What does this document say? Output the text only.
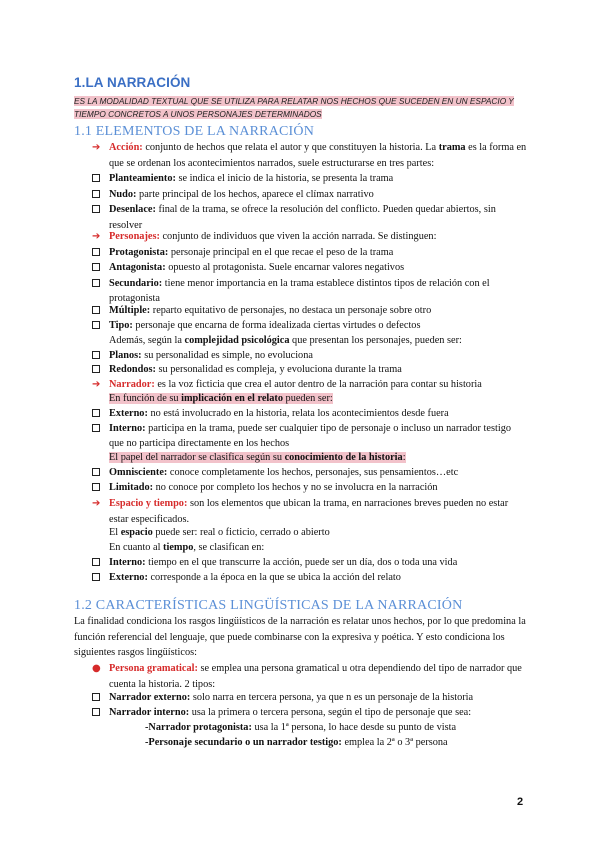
1.LA NARRACIÓN
ES LA MODALIDAD TEXTUAL QUE SE UTILIZA PARA RELATAR NOS HECHOS QUE SUCEDEN EN UN ESPACIO Y TIEMPO CONCRETOS A UNOS PERSONAJES DETERMINADOS
1.1 ELEMENTOS DE LA NARRACIÓN
➔ Acción: conjunto de hechos que relata el autor y que constituyen la historia. La trama es la forma en que se ordenan los acontecimientos narrados, suele estructurarse en tres partes:
Planteamiento: se indica el inicio de la historia, se presenta la trama
Nudo: parte principal de los hechos, aparece el clímax narrativo
Desenlace: final de la trama, se ofrece la resolución del conflicto. Pueden quedar abiertos, sin resolver
➔ Personajes: conjunto de individuos que viven la acción narrada. Se distinguen:
Protagonista: personaje principal en el que recae el peso de la trama
Antagonista: opuesto al protagonista. Suele encarnar valores negativos
Secundario: tiene menor importancia en la trama establece distintos tipos de relación con el protagonista
Múltiple: reparto equitativo de personajes, no destaca un personaje sobre otro
Tipo: personaje que encarna de forma idealizada ciertas virtudes o defectos
Además, según la complejidad psicológica que presentan los personajes, pueden ser:
Planos: su personalidad es simple, no evoluciona
Redondos: su personalidad es compleja, y evoluciona durante la trama
➔ Narrador: es la voz ficticia que crea el autor dentro de la narración para contar su historia
En función de su implicación en el relato pueden ser:
Externo: no está involucrado en la historia, relata los acontecimientos desde fuera
Interno: participa en la trama, puede ser cualquier tipo de personaje o incluso un narrador testigo que no participa directamente en los hechos
El papel del narrador se clasifica según su conocimiento de la historia:
Omnisciente: conoce completamente los hechos, personajes, sus pensamientos…etc
Limitado: no conoce por completo los hechos y no se involucra en la narración
➔ Espacio y tiempo: son los elementos que ubican la trama, en narraciones breves pueden no estar estar especificados.
El espacio puede ser: real o ficticio, cerrado o abierto
En cuanto al tiempo, se clasifican en:
Interno: tiempo en el que transcurre la acción, puede ser un día, dos o toda una vida
Externo: corresponde a la época en la que se ubica la acción del relato
1.2 CARACTERÍSTICAS LINGÜÍSTICAS DE LA NARRACIÓN
La finalidad condiciona los rasgos lingüísticos de la narración es relatar unos hechos, por lo que predomina la función referencial del lenguaje, que puede combinarse con la expresiva y poética. Y esto condiciona los siguientes rasgos lingüísticos:
● Persona gramatical: se emplea una persona gramatical u otra dependiendo del tipo de narrador que cuenta la historia. 2 tipos:
Narrador externo: solo narra en tercera persona, ya que n es un personaje de la historia
Narrador interno: usa la primera o tercera persona, según el tipo de personaje que sea:
-Narrador protagonista: usa la 1ª persona, lo hace desde su punto de vista
-Personaje secundario o un narrador testigo: emplea la 2ª o 3ª persona
2
